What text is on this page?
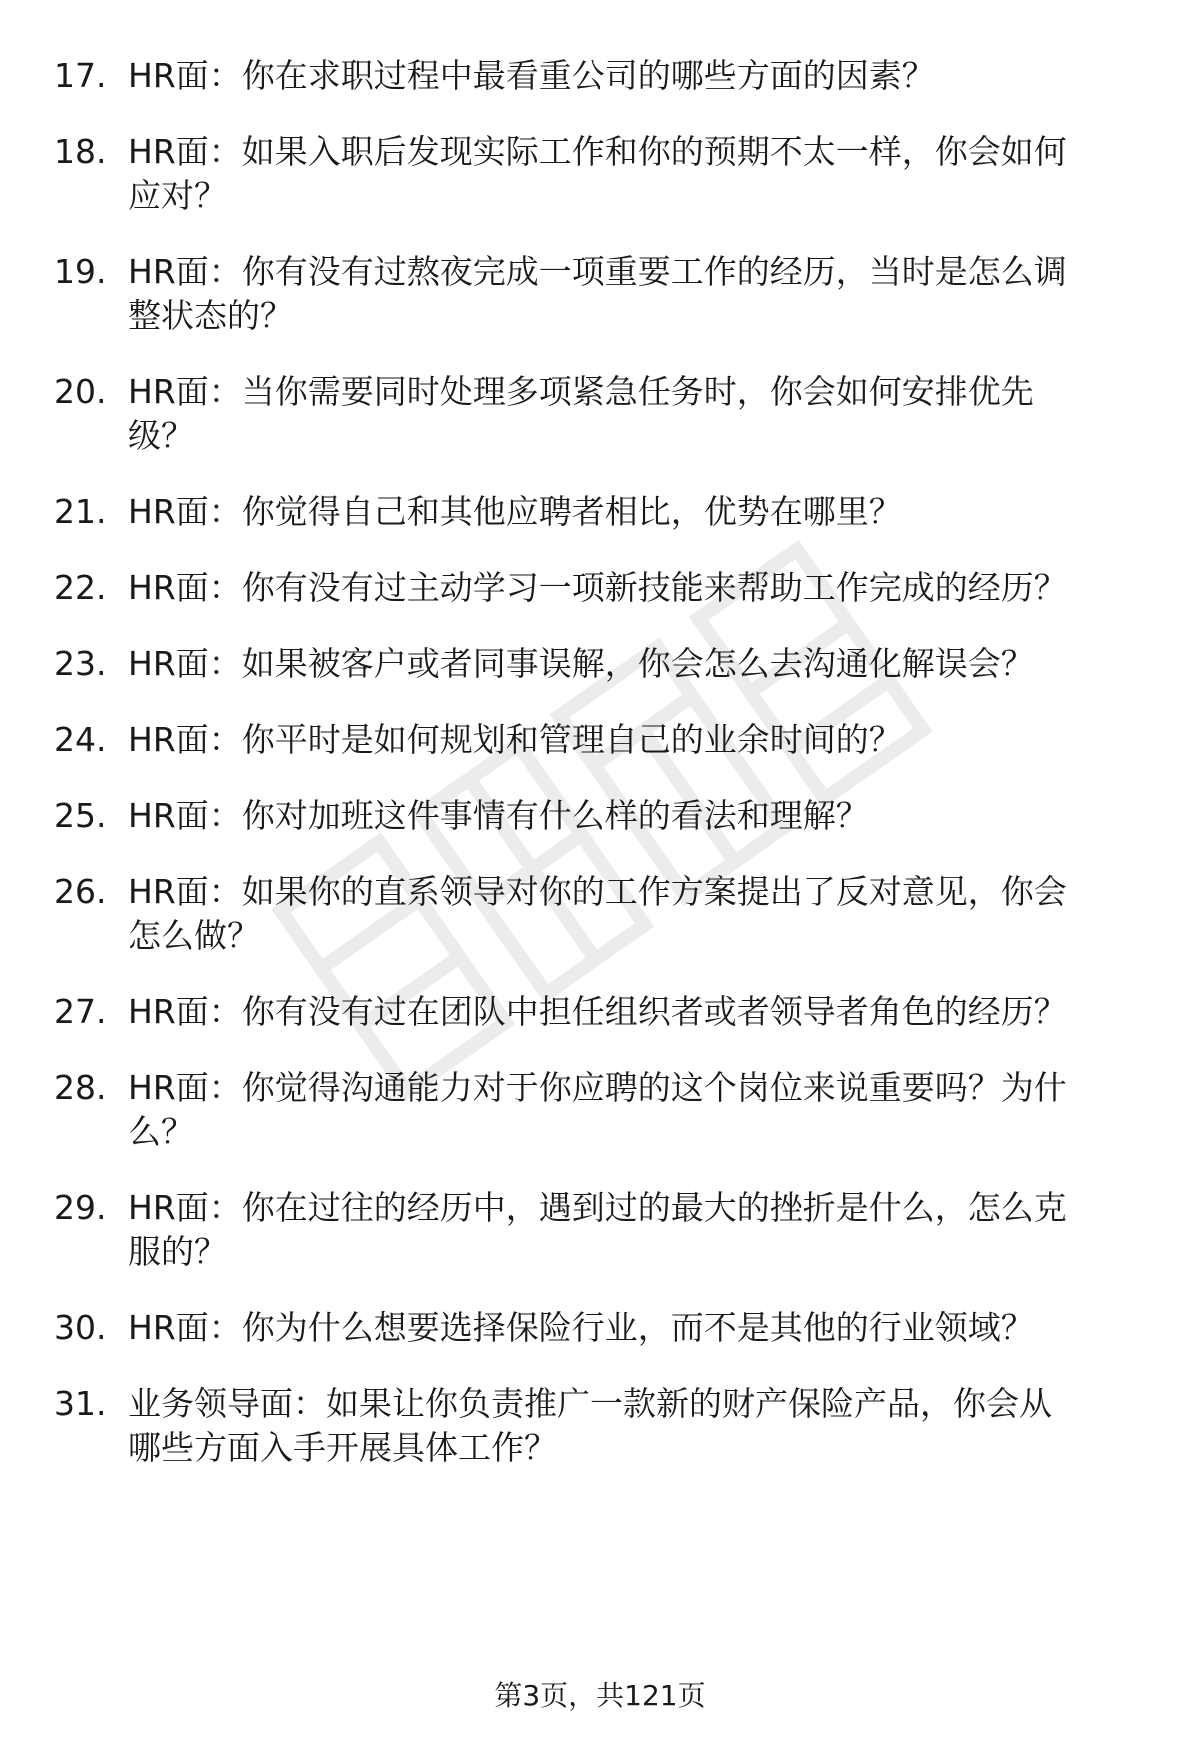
17. HR面：你在求职过程中最看重公司的哪些方面的因素？
18. HR面：如果入职后发现实际工作和你的预期不太一样，你会如何
应对？
19. HR面：你有没有过熬夜完成一项重要工作的经历，当时是怎么调
整状态的？
20. HR面：当你需要同时处理多项紧急任务时，你会如何安排优先
级？
21. HR面：你觉得自己和其他应聘者相比，优势在哪里？
22. HR面：你有没有过主动学习一项新技能来帮助工作完成的经历？
23. HR面：如果被客户或者同事误解，你会怎么去沟通化解误会？
24. HR面：你平时是如何规划和管理自己的业余时间的？
25. HR面：你对加班这件事情有什么样的看法和理解？
26. HR面：如果你的直系领导对你的工作方案提出了反对意见，你会
怎么做？
27. HR面：你有没有过在团队中担任组织者或者领导者角色的经历？
28. HR面：你觉得沟通能力对于你应聘的这个岗位来说重要吗？为什
么？
29. HR面：你在过往的经历中，遇到过的最大的挫折是什么，怎么克
服的？
30. HR面：你为什么想要选择保险行业，而不是其他的行业领域？
31. 业务领导面：如果让你负责推广一款新的财产保险产品，你会从
哪些方面入手开展具体工作？
第3页，共121页
